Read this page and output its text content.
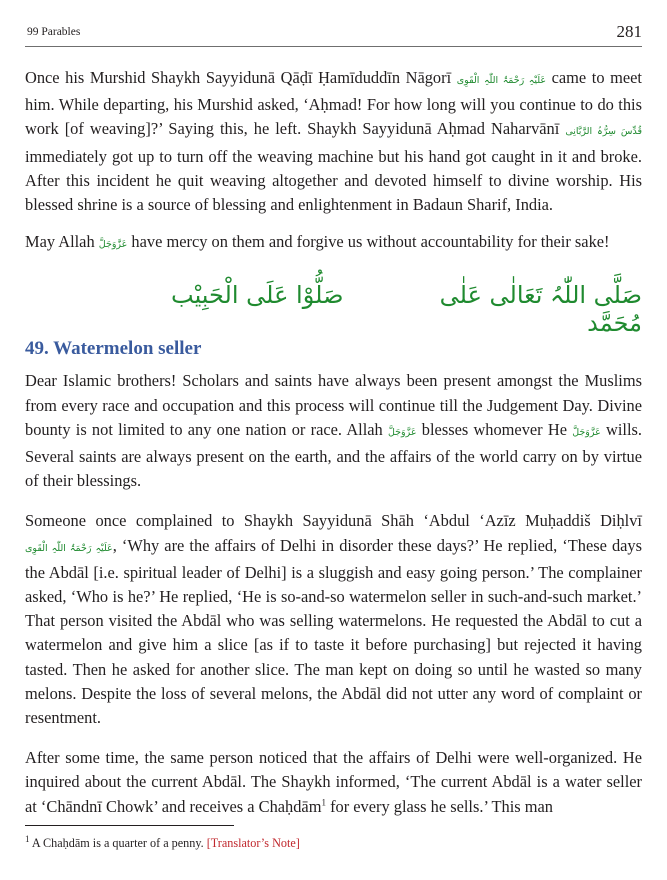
99 Parables	281

Once his Murshid Shaykh Sayyidunā Qāḍī Ḥamīduddīn Nāgorī عَلَیْہِ رَحْمَۃُ اللّٰہِ الْقَوِی came to meet him. While departing, his Murshid asked, ‘Aḥmad! For how long will you continue to do this work [of weaving]?’ Saying this, he left. Shaykh Sayyidunā Aḥmad Naharvānī قُدِّسَ سِرُّہُ الرَّبَّانِی immediately got up to turn off the weaving machine but his hand got caught in it and broke. After this incident he quit weaving altogether and devoted himself to divine worship. His blessed shrine is a source of blessing and enlightenment in Badaun Sharif, India.

May Allah عَزَّوَجَلَّ have mercy on them and forgive us without accountability for their sake!

صَلَّی اللّٰہُ تَعَالٰی عَلٰی مُحَمَّد
صَلُّوْا عَلَی الْحَبِیْب
49. Watermelon seller

Dear Islamic brothers! Scholars and saints have always been present amongst the Muslims from every race and occupation and this process will continue till the Judgement Day. Divine bounty is not limited to any one nation or race. Allah عَزَّوَجَلَّ blesses whomever He عَزَّوَجَلَّ wills. Several saints are always present on the earth, and the affairs of the world carry on by virtue of their blessings.

Someone once complained to Shaykh Sayyidunā Shāh ‘Abdul ‘Azīz Muḥaddiš Diḥlvī عَلَیْہِ رَحْمَۃُ اللّٰہِ الْقَوِی, ‘Why are the affairs of Delhi in disorder these days?’ He replied, ‘These days the Abdāl [i.e. spiritual leader of Delhi] is a sluggish and easy going person.’ The complainer asked, ‘Who is he?’ He replied, ‘He is so-and-so watermelon seller in such-and-such market.’ That person visited the Abdāl who was selling watermelons. He requested the Abdāl to cut a watermelon and give him a slice [as if to taste it before purchasing] but rejected it having tasted. Then he asked for another slice. The man kept on doing so until he wasted so many melons. Despite the loss of several melons, the Abdāl did not utter any word of complaint or resentment.

After some time, the same person noticed that the affairs of Delhi were well-organized. He inquired about the current Abdāl. The Shaykh informed, ‘The current Abdāl is a water seller at ‘Chāndnī Chowk’ and receives a Chaḥdām$^1$ for every glass he sells.’ This man

$^1$ A Chaḥdām is a quarter of a penny. [Translator’s Note]
